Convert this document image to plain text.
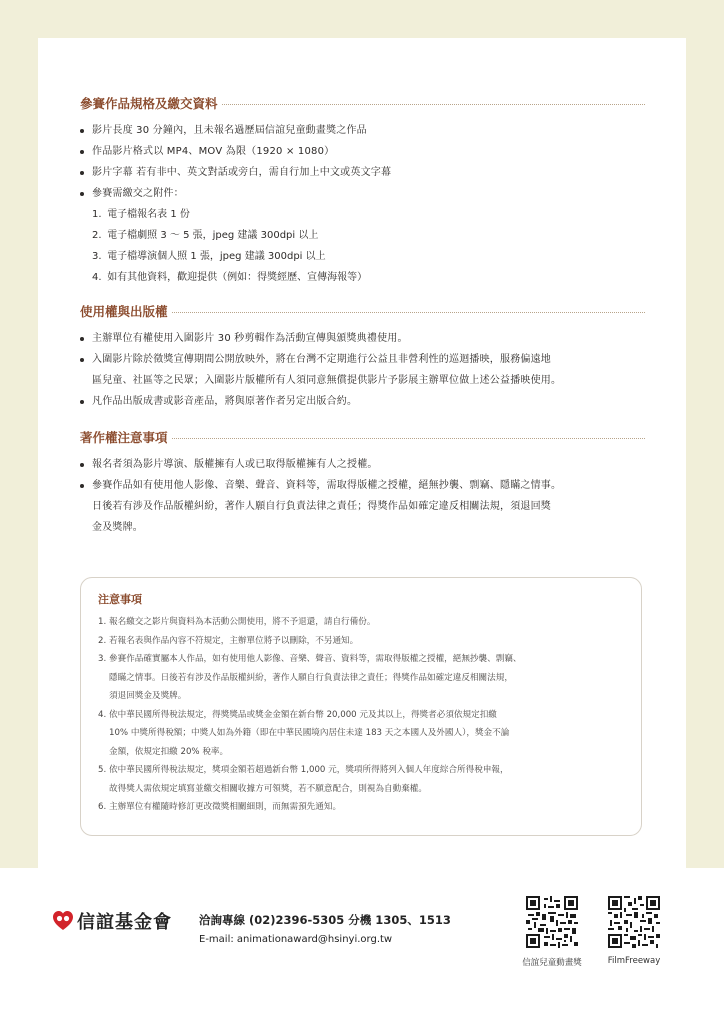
參賽作品規格及繳交資料
影片長度 30 分鐘內，且未報名過歷屆信誼兒童動畫獎之作品
作品影片格式以 MP4、MOV 為限（1920 × 1080）
影片字幕 若有非中、英文對話或旁白，需自行加上中文或英文字幕
參賽需繳交之附件：
1. 電子檔報名表 1 份
2. 電子檔劇照 3 ～ 5 張，jpeg 建議 300dpi 以上
3. 電子檔導演個人照 1 張，jpeg 建議 300dpi 以上
4. 如有其他資料，歡迎提供（例如：得獎經歷、宣傳海報等）
使用權與出版權
主辦單位有權使用入圍影片 30 秒剪輯作為活動宣傳與頒獎典禮使用。
入圍影片除於徵獎宣傳期間公開放映外，將在台灣不定期進行公益且非營利性的巡迴播映，服務偏遠地
區兒童、社區等之民眾；入圍影片版權所有人須同意無償提供影片予影展主辦單位做上述公益播映使用。
凡作品出版成書或影音產品，將與原著作者另定出版合約。
著作權注意事項
報名者須為影片導演、版權擁有人或已取得版權擁有人之授權。
參賽作品如有使用他人影像、音樂、聲音、資料等，需取得版權之授權，絕無抄襲、剽竊、隱瞞之情事。
日後若有涉及作品版權糾紛，著作人願自行負責法律之責任；得獎作品如確定違反相關法規，須退回獎
金及獎牌。
注意事項
1. 報名繳交之影片與資料為本活動公開使用，將不予退還，請自行備份。
2. 若報名表與作品內容不符規定，主辦單位將予以刪除，不另通知。
3. 參賽作品確實屬本人作品，如有使用他人影像、音樂、聲音、資料等，需取得版權之授權，絕無抄襲、剽竊、
隱瞞之情事。日後若有涉及作品版權糾紛，著作人願自行負責法律之責任；得獎作品如確定違反相關法規，
須退回獎金及獎牌。
4. 依中華民國所得稅法規定，得獎獎品或獎金金額在新台幣 20,000 元及其以上，得獎者必須依規定扣繳
10% 中獎所得稅額；中獎人如為外籍（即在中華民國境內居住未達 183 天之本國人及外國人），獎金不論
金額，依規定扣繳 20% 稅率。
5. 依中華民國所得稅法規定，獎項金額若超過新台幣 1,000 元，獎項所得將列入個人年度綜合所得稅申報，
故得獎人需依規定填寫並繳交相關收據方可領獎，若不願意配合，則視為自動棄權。
6. 主辦單位有權隨時修訂更改徵獎相關細則，而無需預先通知。
信誼基金會 洽詢專線 (02)2396-5305 分機 1305、1513
E-mail: animationaward@hsinyi.org.tw
信誼兒童動畫獎	FilmFreeway
